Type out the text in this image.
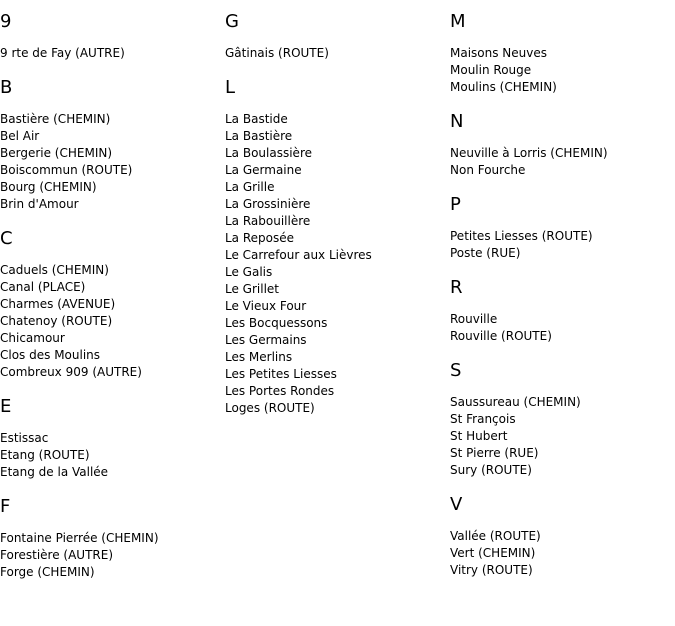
9
9 rte de Fay (AUTRE)
B
Bastière (CHEMIN)
Bel Air
Bergerie (CHEMIN)
Boiscommun (ROUTE)
Bourg (CHEMIN)
Brin d'Amour
C
Caduels (CHEMIN)
Canal (PLACE)
Charmes (AVENUE)
Chatenoy (ROUTE)
Chicamour
Clos des Moulins
Combreux 909 (AUTRE)
E
Estissac
Etang (ROUTE)
Etang de la Vallée
F
Fontaine Pierrée (CHEMIN)
Forestière (AUTRE)
Forge (CHEMIN)
G
Gâtinais (ROUTE)
L
La Bastide
La Bastière
La Boulassière
La Germaine
La Grille
La Grossinière
La Rabouillère
La Reposée
Le Carrefour aux Lièvres
Le Galis
Le Grillet
Le Vieux Four
Les Bocquessons
Les Germains
Les Merlins
Les Petites Liesses
Les Portes Rondes
Loges (ROUTE)
M
Maisons Neuves
Moulin Rouge
Moulins (CHEMIN)
N
Neuville à Lorris (CHEMIN)
Non Fourche
P
Petites Liesses (ROUTE)
Poste (RUE)
R
Rouville
Rouville (ROUTE)
S
Saussureau (CHEMIN)
St François
St Hubert
St Pierre (RUE)
Sury (ROUTE)
V
Vallée (ROUTE)
Vert (CHEMIN)
Vitry (ROUTE)
